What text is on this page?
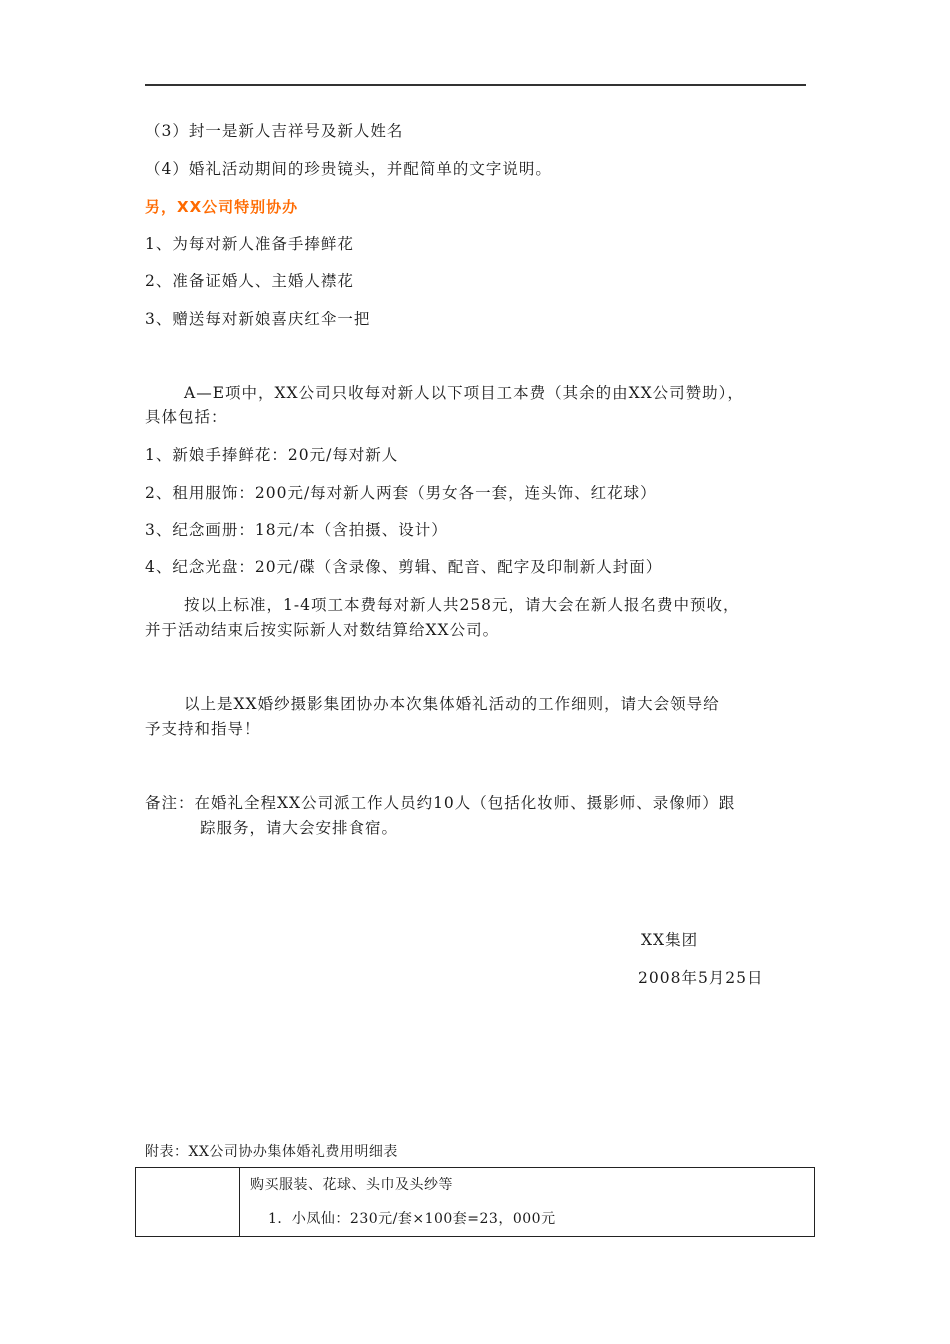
（3）封一是新人吉祥号及新人姓名
（4）婚礼活动期间的珍贵镜头，并配简单的文字说明。
另，XX公司特别协办
1、为每对新人准备手捧鲜花
2、准备证婚人、主婚人襟花
3、赠送每对新娘喜庆红伞一把
A—E项中，XX公司只收每对新人以下项目工本费（其余的由XX公司赞助），
具体包括：
1、新娘手捧鲜花：20元/每对新人
2、租用服饰：200元/每对新人两套（男女各一套，连头饰、红花球）
3、纪念画册：18元/本（含拍摄、设计）
4、纪念光盘：20元/碟（含录像、剪辑、配音、配字及印制新人封面）
按以上标准，1-4项工本费每对新人共258元，请大会在新人报名费中预收，
并于活动结束后按实际新人对数结算给XX公司。
以上是XX婚纱摄影集团协办本次集体婚礼活动的工作细则，请大会领导给
予支持和指导！
备注：在婚礼全程XX公司派工作人员约10人（包括化妆师、摄影师、录像师）跟
踪服务，请大会安排食宿。
XX集团
2008年5月25日
附表：XX公司协办集体婚礼费用明细表

购买服装、花球、头巾及头纱等
1．小凤仙：230元/套×100套=23，000元
